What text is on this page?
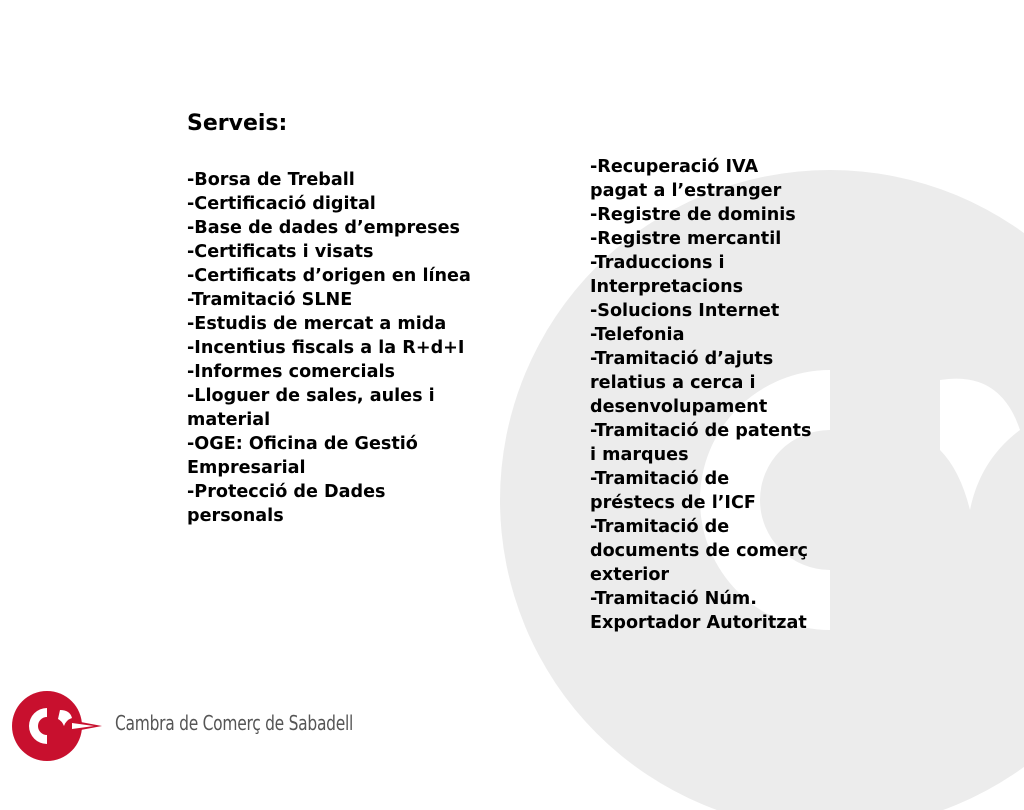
Serveis:
-Borsa de Treball
-Certificació digital
-Base de dades d’empreses
-Certificats i visats
-Certificats d’origen en línea
-Tramitació SLNE
-Estudis de mercat a mida
-Incentius fiscals a la R+d+I
-Informes comercials
-Lloguer de sales, aules i material
-OGE: Oficina de Gestió Empresarial
-Protecció de Dades personals
-Recuperació IVA pagat a l’estranger
-Registre de dominis
-Registre mercantil
-Traduccions i Interpretacions
-Solucions Internet
-Telefonia
-Tramitació d’ajuts relatius a cerca i desenvolupament
-Tramitació de patents i marques
-Tramitació de préstecs de l’ICF
-Tramitació de documents de comerç exterior
-Tramitació Núm. Exportador Autoritzat
Cambra de Comerç de Sabadell
